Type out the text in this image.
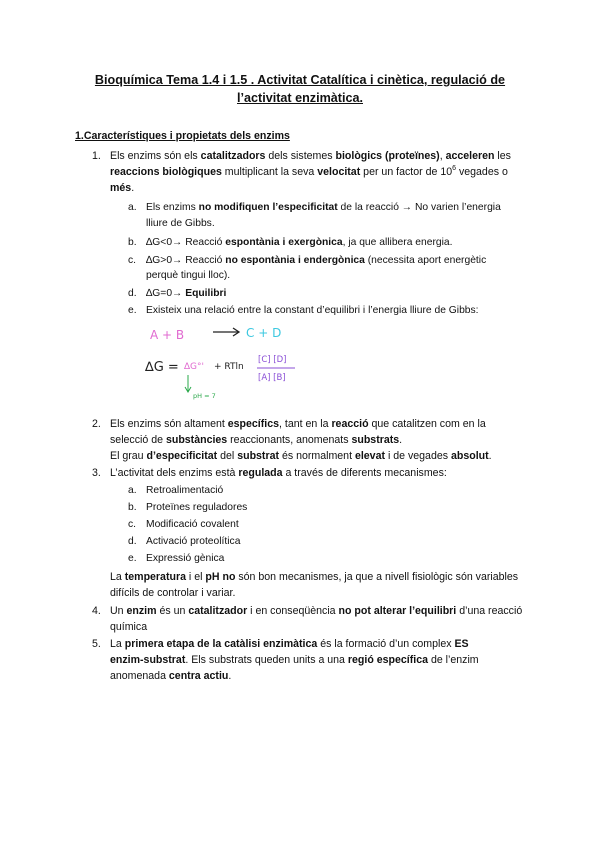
Bioquímica Tema 1.4 i 1.5 . Activitat Catalítica i cinètica, regulació de
l’activitat enzimàtica.
1.Característiques i propietats dels enzims
1. Els enzims són els catalitzadors dels sistemes biològics (proteïnes), acceleren les
reaccions biològiques multiplicant la seva velocitat per un factor de $10^6$ vegades o
més.
a. Els enzims no modifiquen l’especificitat de la reacció → No varien l’energia
lliure de Gibbs.
b. ∆G<0→ Reacció espontània i exergònica, ja que allibera energia.
c. ∆G>0→ Reacció no espontània i endergònica (necessita aport energètic
perquè tingui lloc).
d. ∆G=0→ Equilibri
e. Existeix una relació entre la constant d’equilibri i l’energia lliure de Gibbs:
A + B	C + D
∆G = ∆G°' + RTln
[C] [D]
[A] [B]
pH = 7
2. Els enzims són altament específics, tant en la reacció que catalitzen com en la
selecció de substàncies reaccionants, anomenats substrats.
El grau d’especificitat del substrat és normalment elevat i de vegades absolut.
3. L’activitat dels enzims està regulada a través de diferents mecanismes:
a. Retroalimentació
b. Proteïnes reguladores
c. Modificació covalent
d. Activació proteolítica
e. Expressió gènica
La temperatura i el pH no són bon mecanismes, ja que a nivell fisiològic són variables
difícils de controlar i variar.
4. Un enzim és un catalitzador i en conseqüència no pot alterar l’equilibri d’una reacció
química
5. La primera etapa de la catàlisi enzimàtica és la formació d’un complex ES
enzim-substrat. Els substrats queden units a una regió específica de l’enzim
anomenada centra actiu.
